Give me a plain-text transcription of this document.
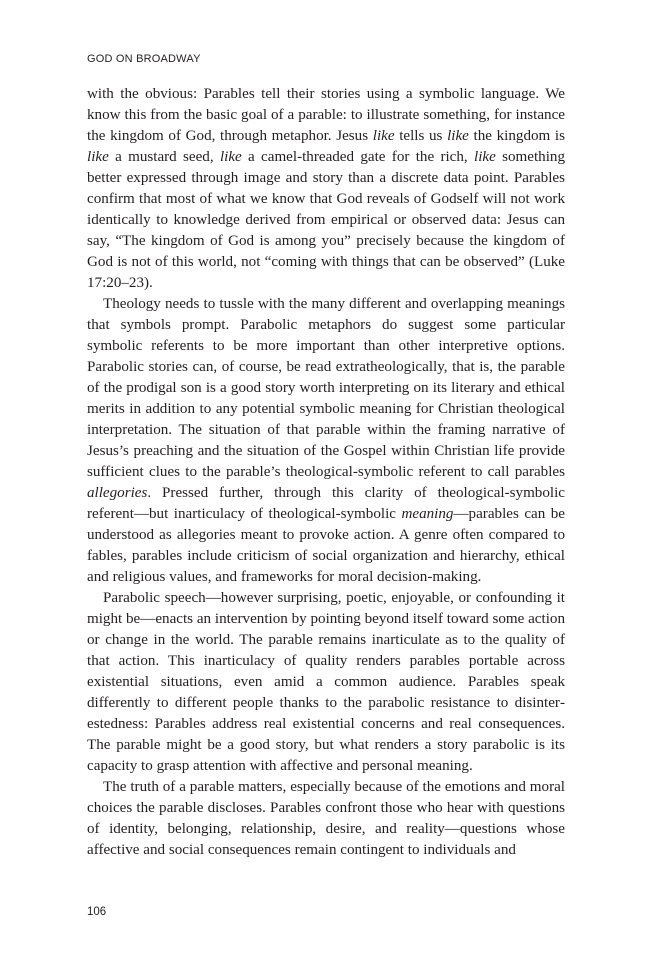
GOD ON BROADWAY

with the obvious: Parables tell their stories using a symbolic language. We know this from the basic goal of a parable: to illustrate something, for instance the kingdom of God, through metaphor. Jesus like tells us like the kingdom is like a mustard seed, like a camel-threaded gate for the rich, like something better expressed through image and story than a discrete data point. Parables confirm that most of what we know that God reveals of Godself will not work identically to knowledge derived from empirical or observed data: Jesus can say, “The kingdom of God is among you” precisely because the kingdom of God is not of this world, not “coming with things that can be observed” (Luke 17:20–23).

Theology needs to tussle with the many different and overlapping meanings that symbols prompt. Parabolic metaphors do suggest some particular symbolic referents to be more important than other interpretive options. Parabolic stories can, of course, be read extratheologically, that is, the parable of the prodigal son is a good story worth interpreting on its literary and ethical merits in addition to any potential symbolic meaning for Christian theological interpretation. The situation of that parable within the framing narrative of Jesus’s preaching and the situation of the Gospel within Christian life provide sufficient clues to the parable’s theological-symbolic referent to call parables allegories. Pressed further, through this clarity of theological-symbolic referent—but inarticulacy of theological-symbolic meaning—parables can be understood as allegories meant to provoke action. A genre often compared to fables, parables include criticism of social organization and hierarchy, ethical and religious values, and frameworks for moral decision-making.

Parabolic speech—however surprising, poetic, enjoyable, or confounding it might be—enacts an intervention by pointing beyond itself toward some action or change in the world. The parable remains inarticulate as to the quality of that action. This inarticulacy of quality renders parables portable across existential situations, even amid a common audience. Parables speak differently to different people thanks to the parabolic resistance to disinterestedness: Parables address real existential concerns and real consequences. The parable might be a good story, but what renders a story parabolic is its capacity to grasp attention with affective and personal meaning.

The truth of a parable matters, especially because of the emotions and moral choices the parable discloses. Parables confront those who hear with questions of identity, belonging, relationship, desire, and reality—questions whose affective and social consequences remain contingent to individuals and

106
